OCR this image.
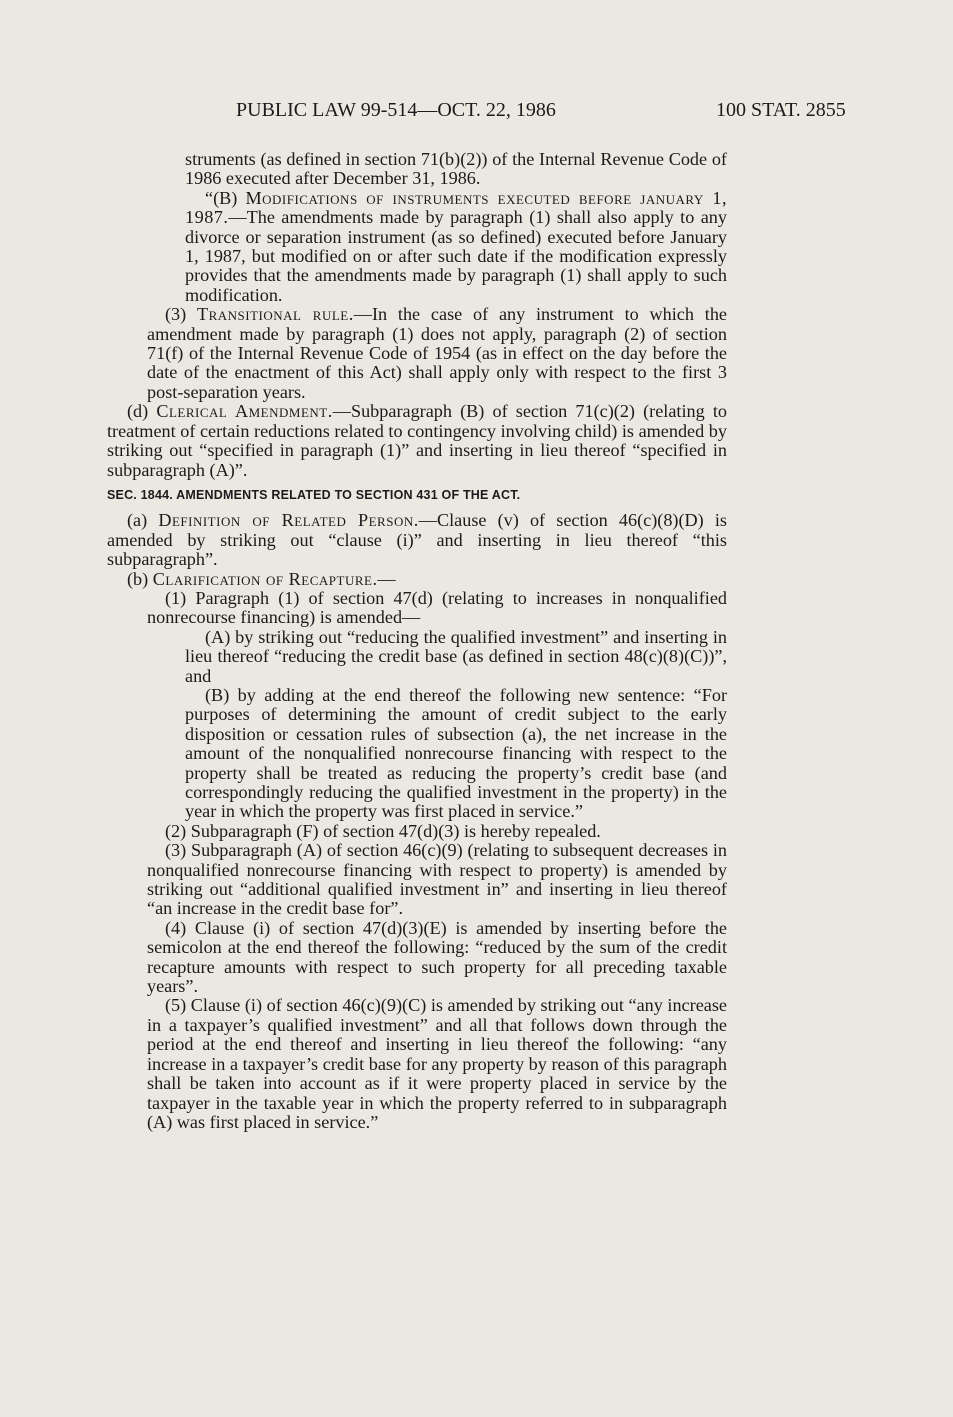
PUBLIC LAW 99-514—OCT. 22, 1986	100 STAT. 2855

struments (as defined in section 71(b)(2)) of the Internal Revenue Code of 1986 executed after December 31, 1986.

“(B) Modifications of instruments executed before january 1, 1987.—The amendments made by paragraph (1) shall also apply to any divorce or separation instrument (as so defined) executed before January 1, 1987, but modified on or after such date if the modification expressly provides that the amendments made by paragraph (1) shall apply to such modification.

(3) Transitional rule.—In the case of any instrument to which the amendment made by paragraph (1) does not apply, paragraph (2) of section 71(f) of the Internal Revenue Code of 1954 (as in effect on the day before the date of the enactment of this Act) shall apply only with respect to the first 3 post-separation years.

(d) Clerical Amendment.—Subparagraph (B) of section 71(c)(2) (relating to treatment of certain reductions related to contingency involving child) is amended by striking out “specified in paragraph (1)” and inserting in lieu thereof “specified in subparagraph (A)”.

SEC. 1844. AMENDMENTS RELATED TO SECTION 431 OF THE ACT.

(a) Definition of Related Person.—Clause (v) of section 46(c)(8)(D) is amended by striking out “clause (i)” and inserting in lieu thereof “this subparagraph”.

(b) Clarification of Recapture.—

(1) Paragraph (1) of section 47(d) (relating to increases in nonqualified nonrecourse financing) is amended—

(A) by striking out “reducing the qualified investment” and inserting in lieu thereof “reducing the credit base (as defined in section 48(c)(8)(C))”, and

(B) by adding at the end thereof the following new sentence: “For purposes of determining the amount of credit subject to the early disposition or cessation rules of subsection (a), the net increase in the amount of the nonqualified nonrecourse financing with respect to the property shall be treated as reducing the property’s credit base (and correspondingly reducing the qualified investment in the property) in the year in which the property was first placed in service.”

(2) Subparagraph (F) of section 47(d)(3) is hereby repealed.

(3) Subparagraph (A) of section 46(c)(9) (relating to subsequent decreases in nonqualified nonrecourse financing with respect to property) is amended by striking out “additional qualified investment in” and inserting in lieu thereof “an increase in the credit base for”.

(4) Clause (i) of section 47(d)(3)(E) is amended by inserting before the semicolon at the end thereof the following: “reduced by the sum of the credit recapture amounts with respect to such property for all preceding taxable years”.

(5) Clause (i) of section 46(c)(9)(C) is amended by striking out “any increase in a taxpayer’s qualified investment” and all that follows down through the period at the end thereof and inserting in lieu thereof the following: “any increase in a taxpayer’s credit base for any property by reason of this paragraph shall be taken into account as if it were property placed in service by the taxpayer in the taxable year in which the property referred to in subparagraph (A) was first placed in service.”
